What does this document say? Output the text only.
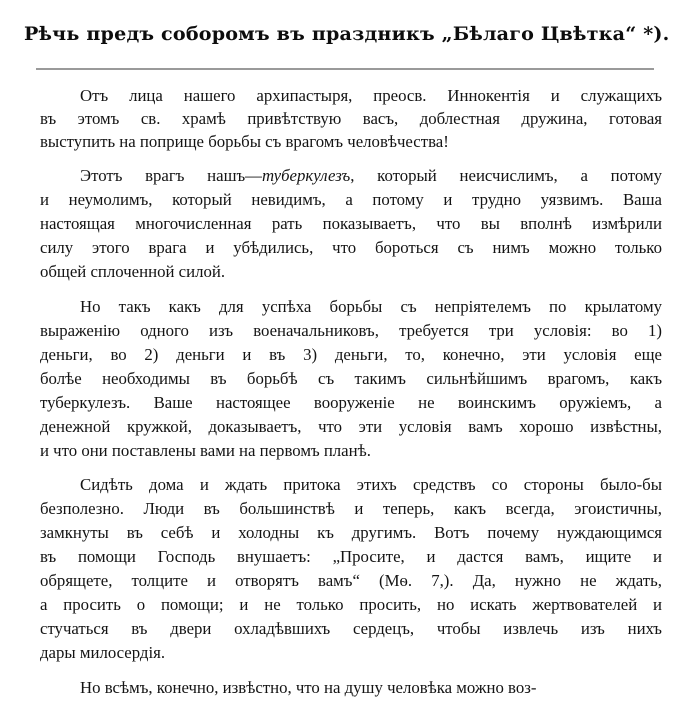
Рѣчь предъ соборомъ въ праздникъ „Бѣлаго Цвѣтка“ *).
Отъ лица нашего архипастыря, преосв. Иннокентія и служащихъ
въ этомъ св. храмѣ привѣтствую васъ, доблестная дружина, готовая
выступить на поприще борьбы съ врагомъ человѣчества!
Этотъ врагъ нашъ—туберкулезъ, который неисчислимъ, а потому
и неумолимъ, который невидимъ, а потому и трудно уязвимъ. Ваша
настоящая многочисленная рать показываетъ, что вы вполнѣ измѣрили
силу этого врага и убѣдились, что бороться съ нимъ можно только
общей сплоченной силой.
Но такъ какъ для успѣха борьбы съ непріятелемъ по крылатому
выраженію одного изъ военачальниковъ, требуется три условія: во 1)
деньги, во 2) деньги и въ 3) деньги, то, конечно, эти условія еще
болѣе необходимы въ борьбѣ съ такимъ сильнѣйшимъ врагомъ, какъ
туберкулезъ. Ваше настоящее вооруженіе не воинскимъ оружіемъ, а
денежной кружкой, доказываетъ, что эти условія вамъ хорошо извѣстны,
и что они поставлены вами на первомъ планѣ.
Сидѣть дома и ждать притока этихъ средствъ со стороны было-бы
безполезно. Люди въ большинствѣ и теперь, какъ всегда, эгоистичны,
замкнуты въ себѣ и холодны къ другимъ. Вотъ почему нуждающимся
въ помощи Господь внушаетъ: „Просите, и дастся вамъ, ищите и
обрящете, толците и отворятъ вамъ“ (Мѳ. 7,). Да, нужно не ждать,
а просить о помощи; и не только просить, но искать жертвователей и
стучаться въ двери охладѣвшихъ сердецъ, чтобы извлечь изъ нихъ
дары милосердія.
Но всѣмъ, конечно, извѣстно, что на душу человѣка можно воз-
